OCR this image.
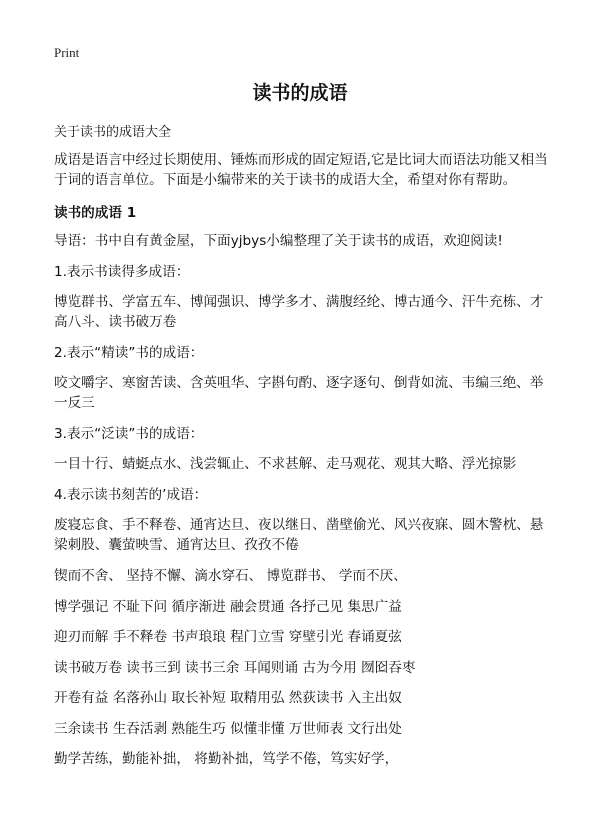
Print
读书的成语
关于读书的成语大全

成语是语言中经过长期使用、锤炼而形成的固定短语,它是比词大而语法功能又相当于词的语言单位。下面是小编带来的关于读书的成语大全，希望对你有帮助。

读书的成语 1

导语：书中自有黄金屋，下面yjbys小编整理了关于读书的成语，欢迎阅读!

1.表示书读得多成语：

博览群书、学富五车、博闻强识、博学多才、满腹经纶、博古通今、汗牛充栋、才高八斗、读书破万卷

2.表示“精读”书的成语：

咬文嚼字、寒窗苦读、含英咀华、字斟句酌、逐字逐句、倒背如流、韦编三绝、举一反三

3.表示“泛读”书的成语：

一目十行、蜻蜓点水、浅尝辄止、不求甚解、走马观花、观其大略、浮光掠影

4.表示读书刻苦的’成语：

废寝忘食、手不释卷、通宵达旦、夜以继日、凿壁偷光、风兴夜寐、圆木警枕、悬梁刺股、囊萤映雪、通宵达旦、孜孜不倦

锲而不舍、 坚持不懈、滴水穿石、 博览群书、 学而不厌、

博学强记 不耻下问 循序渐进 融会贯通 各抒己见 集思广益

迎刃而解 手不释卷 书声琅琅 程门立雪 穿壁引光 春诵夏弦

读书破万卷 读书三到 读书三余 耳闻则诵 古为今用 囫囵吞枣

开卷有益 名落孙山 取长补短 取精用弘 然荻读书 入主出奴

三余读书 生吞活剥 熟能生巧 似懂非懂 万世师表 文行出处

勤学苦练，勤能补拙， 将勤补拙，笃学不倦，笃实好学，
